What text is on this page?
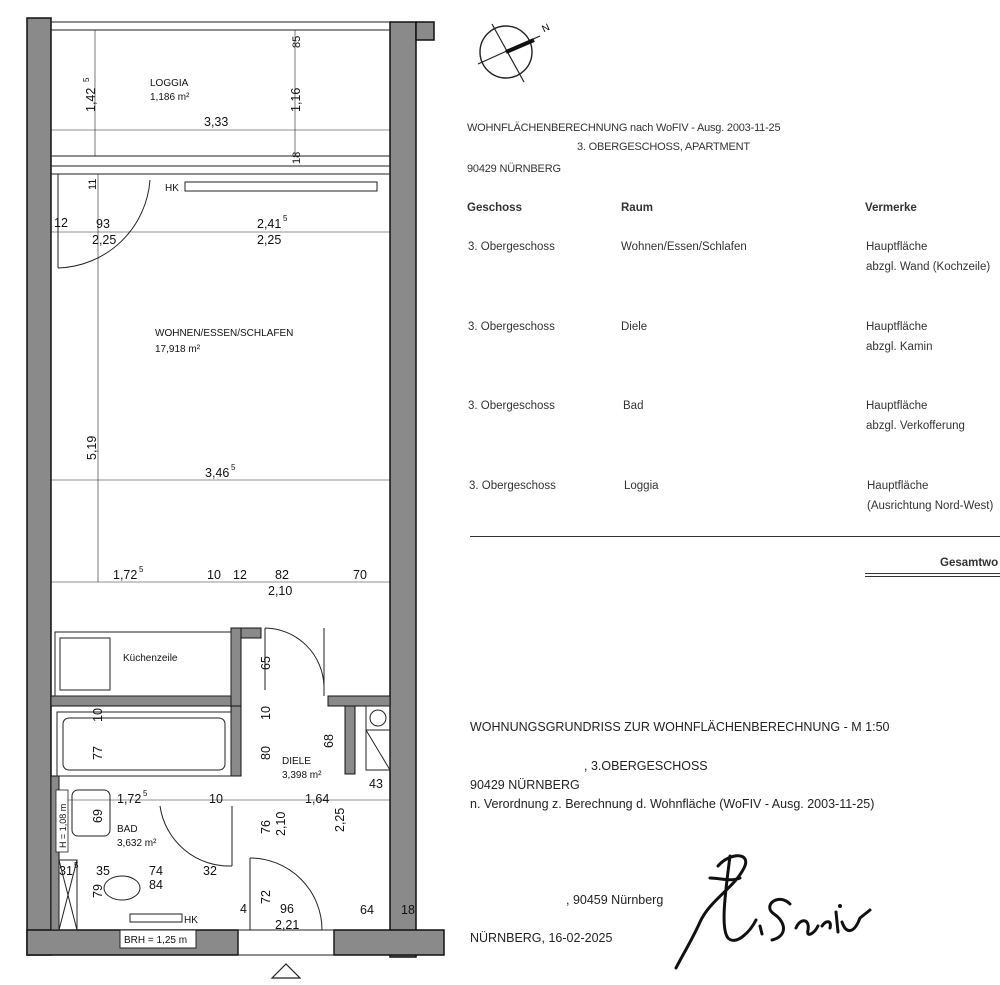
LOGGIA
1,186 m²
WOHNEN/ESSEN/SCHLAFEN
17,918 m²
Küchenzeile
DIELE
3,398 m²
BAD
3,632 m²
HK
HK
BRH = 1,25 m
H = 1,08 m
3,33
1,42	1,16
85
18
11
12 93
2,25
2,41
2,25
5,19
3,46
1,72	10 12 82	70
2,10
65
10
10
77	80
68
43
1,72	10	1,64
2,25
69
76 2,10
31 35	74
84
32
79
4
72
96
2,21
64 18
5
5
5
5
5
5
N
WOHNFLÄCHENBERECHNUNG nach WoFIV - Ausg. 2003-11-25
3. OBERGESCHOSS, APARTMENT
90429 NÜRNBERG
Geschoss	Raum	Vermerke
3. Obergeschoss	Wohnen/Essen/Schlafen	Hauptfläche
abzgl. Wand (Kochzeile)
3. Obergeschoss	Diele	Hauptfläche
abzgl. Kamin
3. Obergeschoss	Bad	Hauptfläche
abzgl. Verkofferung
3. Obergeschoss	Loggia	Hauptfläche
(Ausrichtung Nord-West)
Gesamtwo
WOHNUNGSGRUNDRISS ZUR WOHNFLÄCHENBERECHNUNG - M 1:50
, 3.OBERGESCHOSS
90429 NÜRNBERG
n. Verordnung z. Berechnung d. Wohnfläche (WoFIV - Ausg. 2003-11-25)
, 90459 Nürnberg
NÜRNBERG, 16-02-2025
